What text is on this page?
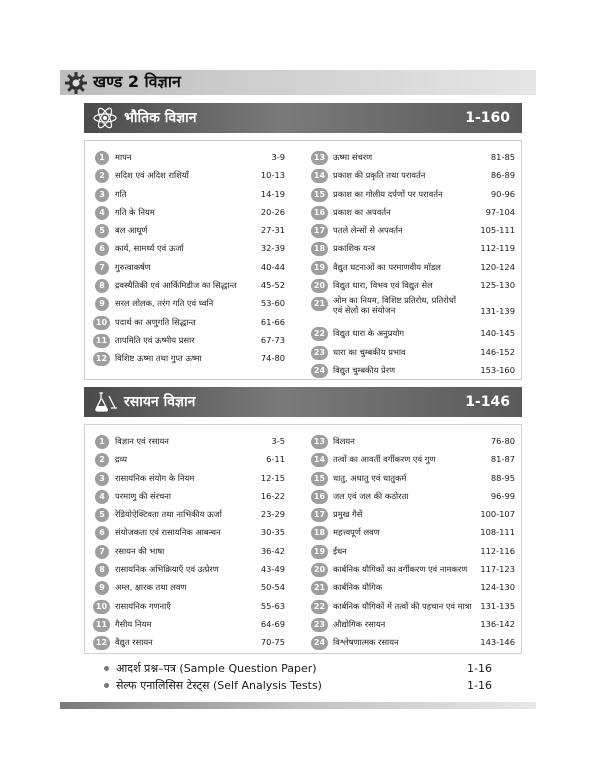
खण्ड 2 विज्ञान
भौतिक विज्ञान	1-160
1	मापन	3-9
2	सदिश एवं अदिश राशियाँ	10-13
3	गति	14-19
4	गति के नियम	20-26
5	बल आघूर्ण	27-31
6	कार्य, सामर्थ्य एवं ऊर्जा	32-39
7	गुरुत्वाकर्षण	40-44
8	द्रवस्थैतिकी एवं आर्किमिडीज का सिद्धान्त	45-52
9	सरल लोलक, तरंग गति एवं ध्वनि	53-60
10 पदार्थ का अणुगति सिद्धान्त	61-66
11 तापमिति एवं ऊष्मीय प्रसार	67-73
12 विशिष्ट ऊष्मा तथा गुप्त ऊष्मा	74-80
13 ऊष्मा संचरण	81-85
14 प्रकाश की प्रकृति तथा परावर्तन	86-89
15 प्रकाश का गोलीय दर्पणों पर परावर्तन	90-96
16 प्रकाश का अपवर्तन	97-104
17 पतले लेन्सों से अपवर्तन	105-111
18 प्रकाशिक यन्त्र	112-119
19 वैद्युत घटनाओं का परमाणवीय मॉडल	120-124
20 विद्युत धारा, विभव एवं विद्युत सेल	125-130
21 ओम का नियम, विशिष्ट प्रतिरोध, प्रतिरोधों एवं सेलों का संयोजन	131-139
22 विद्युत धारा के अनुप्रयोग	140-145
23 धारा का चुम्बकीय प्रभाव	146-152
24 विद्युत चुम्बकीय प्रेरण	153-160
रसायन विज्ञान	1-146
1	विज्ञान एवं रसायन	3-5
2	द्रव्य	6-11
3	रासायनिक संयोग के नियम	12-15
4	परमाणु की संरचना	16-22
5	रेडियोऐक्टिवता तथा नाभिकीय ऊर्जा	23-29
6	संयोजकता एवं रासायनिक आबन्धन	30-35
7	रसायन की भाषा	36-42
8	रासायनिक अभिक्रियाएँ एवं उत्प्रेरण	43-49
9	अम्ल, क्षारक तथा लवण	50-54
10 रासायनिक गणनाएँ	55-63
11 गैसीय नियम	64-69
12 वैद्युत रसायन	70-75
13 विलयन	76-80
14 तत्वों का आवर्ती वर्गीकरण एवं गुण	81-87
15 धातु, अधातु एवं धातुकर्म	88-95
16 जल एवं जल की कठोरता	96-99
17 प्रमुख गैसें	100-107
18 महत्त्वपूर्ण लवण	108-111
19 ईंधन	112-116
20 कार्बनिक यौगिकों का वर्गीकरण एवं नामकरण 117-123
21 कार्बनिक यौगिक	124-130
22 कार्बनिक यौगिकों में तत्वों की पहचान एवं मात्रा 131-135
23 औद्योगिक रसायन	136-142
24 विश्लेषणात्मक रसायन	143-146
आदर्श प्रश्न–पत्र (Sample Question Paper)	1-16
सेल्फ एनालिसिस टेस्ट्स (Self Analysis Tests)	1-16
